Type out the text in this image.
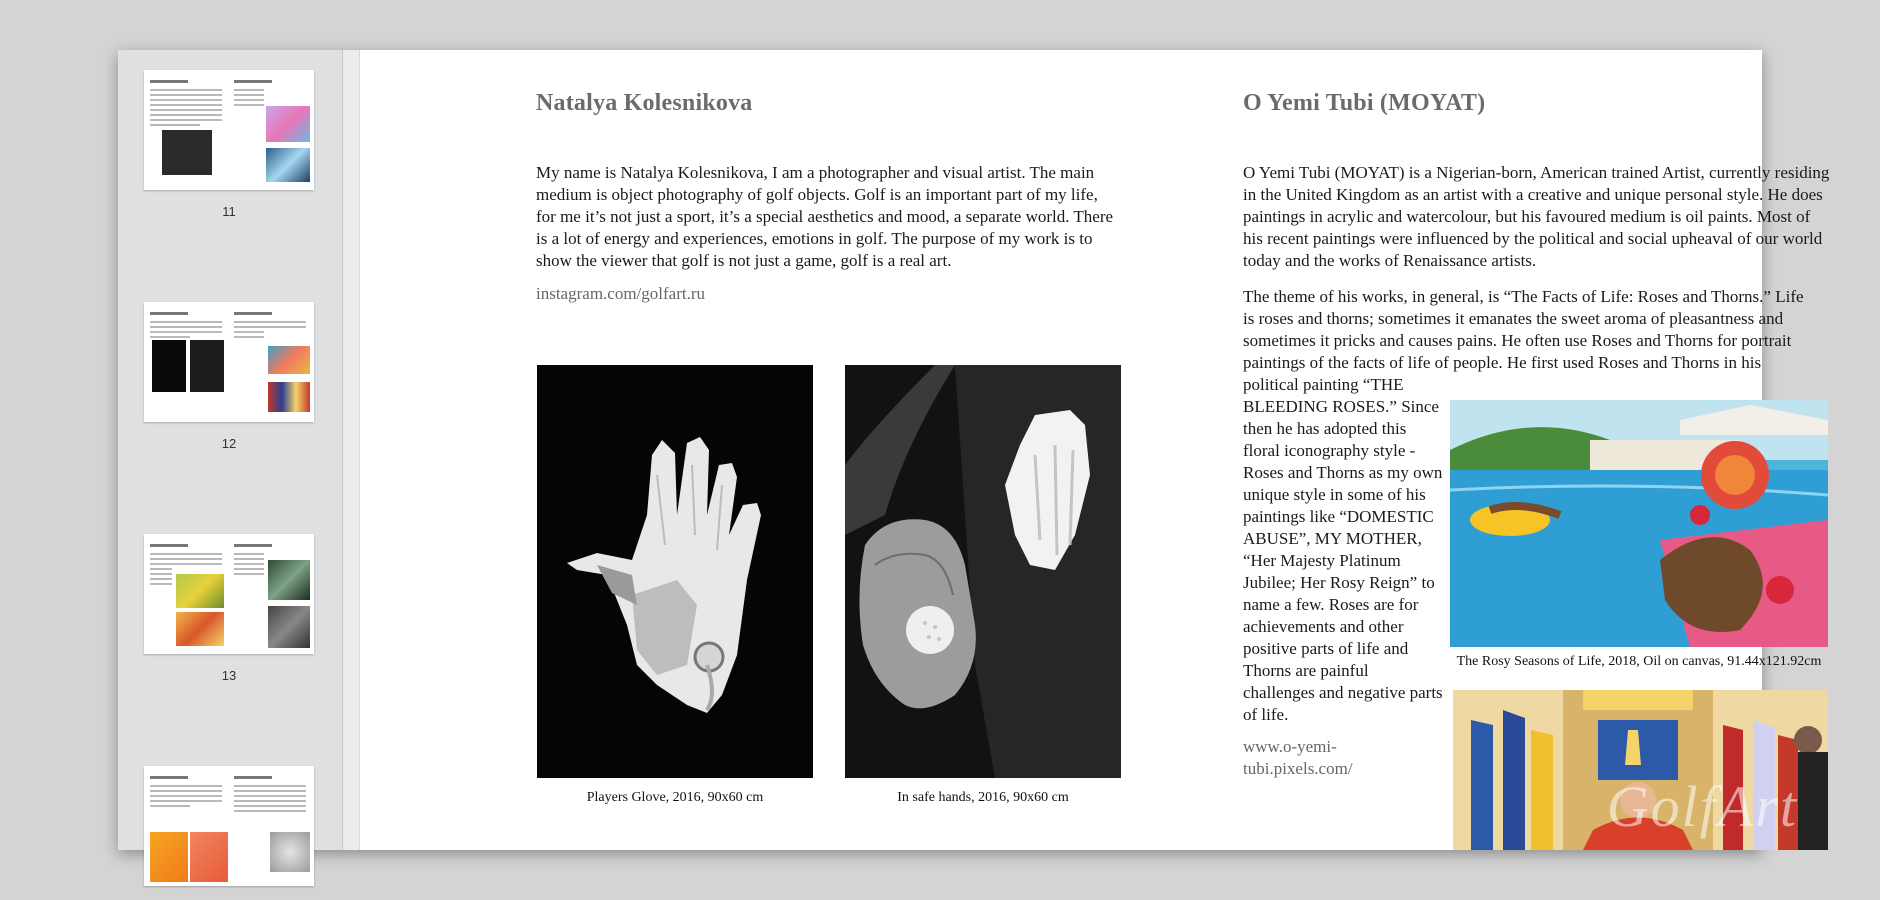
11
12
13
Natalya Kolesnikova
My name is Natalya Kolesnikova, I am a photographer and visual artist. The main medium is object photography of golf objects. Golf is an important part of my life, for me it’s not just a sport, it’s a special aesthetics and mood, a separate world. There is a lot of energy and experiences, emotions in golf. The purpose of my work is to show the viewer that golf is not just a game, golf is a real art.
instagram.com/golfart.ru
Players Glove, 2016, 90x60 cm	In safe hands, 2016, 90x60 cm
O Yemi Tubi (MOYAT)
O Yemi Tubi (MOYAT) is a Nigerian-born, American trained Artist, currently residing in the United Kingdom as an artist with a creative and unique personal style. He does paintings in acrylic and watercolour, but his favoured medium is oil paints. Most of his recent paintings were influenced by the political and social upheaval of our world today and the works of Renaissance artists.
The theme of his works, in general, is “The Facts of Life: Roses and Thorns.” Life is roses and thorns; sometimes it emanates the sweet aroma of pleasantness and sometimes it pricks and causes pains. He often use Roses and Thorns for portrait paintings of the facts of life of people. He first used Roses and Thorns in his
political painting “THE BLEEDING ROSES.” Since then he has adopted this floral iconography style - Roses and Thorns as my own unique style in some of his paintings like “DOMESTIC ABUSE”, MY MOTHER, “Her Majesty Platinum Jubilee; Her Rosy Reign” to name a few. Roses are for achievements and other positive parts of life and Thorns are painful challenges and negative parts of life.
www.o-yemi-tubi.pixels.com/
The Rosy Seasons of Life, 2018, Oil on canvas, 91.44x121.92cm
GolfArt
